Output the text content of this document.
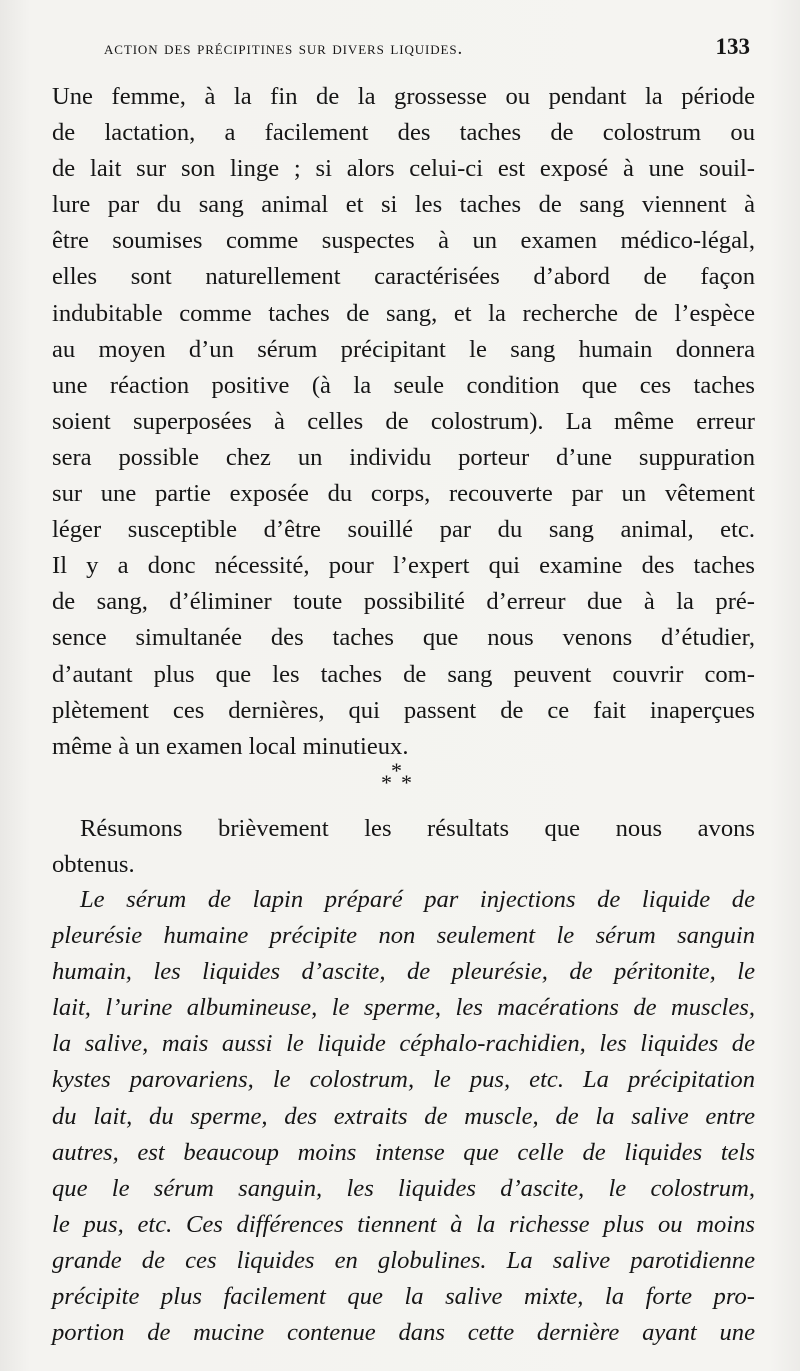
action des précipitines sur divers liquides.	133
Une femme, à la fin de la grossesse ou pendant la période
de lactation, a facilement des taches de colostrum ou
de lait sur son linge ; si alors celui-ci est exposé à une souil-
lure par du sang animal et si les taches de sang viennent à
être soumises comme suspectes à un examen médico-légal,
elles sont naturellement caractérisées d’abord de façon
indubitable comme taches de sang, et la recherche de l’espèce
au moyen d’un sérum précipitant le sang humain donnera
une réaction positive (à la seule condition que ces taches
soient superposées à celles de colostrum). La même erreur
sera possible chez un individu porteur d’une suppuration
sur une partie exposée du corps, recouverte par un vêtement
léger susceptible d’être souillé par du sang animal, etc.
Il y a donc nécessité, pour l’expert qui examine des taches
de sang, d’éliminer toute possibilité d’erreur due à la pré-
sence simultanée des taches que nous venons d’étudier,
d’autant plus que les taches de sang peuvent couvrir com-
plètement ces dernières, qui passent de ce fait inaperçues
même à un examen local minutieux.
*
* *
Résumons brièvement les résultats que nous avons
obtenus.
Le sérum de lapin préparé par injections de liquide de
pleurésie humaine précipite non seulement le sérum sanguin
humain, les liquides d’ascite, de pleurésie, de péritonite, le
lait, l’urine albumineuse, le sperme, les macérations de muscles,
la salive, mais aussi le liquide céphalo-rachidien, les liquides de
kystes parovariens, le colostrum, le pus, etc. La précipitation
du lait, du sperme, des extraits de muscle, de la salive entre
autres, est beaucoup moins intense que celle de liquides tels
que le sérum sanguin, les liquides d’ascite, le colostrum,
le pus, etc. Ces différences tiennent à la richesse plus ou moins
grande de ces liquides en globulines. La salive parotidienne
précipite plus facilement que la salive mixte, la forte pro-
portion de mucine contenue dans cette dernière ayant une
